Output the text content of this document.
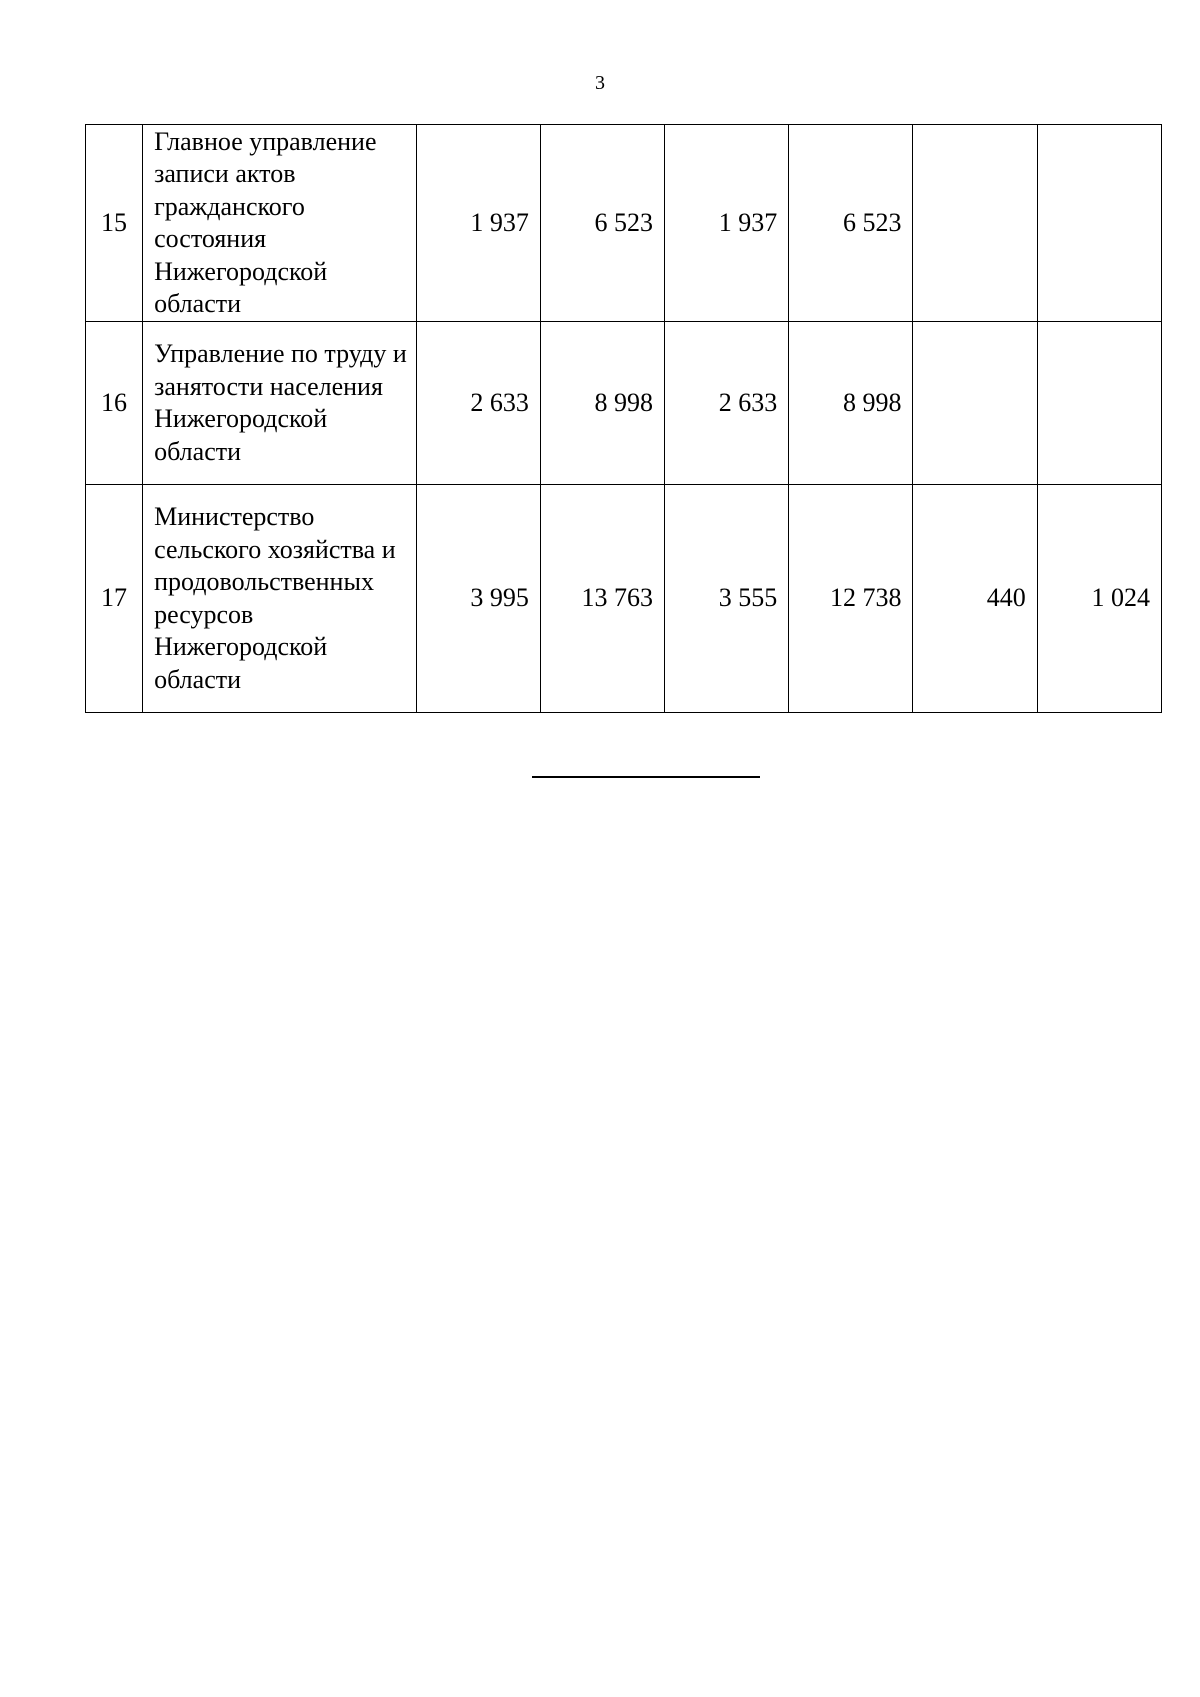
3
15	Главное управление записи актов гражданского состояния Нижегородской области	1 937	6 523	1 937	6 523		
16	Управление по труду и занятости населения Нижегородской области	2 633	8 998	2 633	8 998		
17	Министерство сельского хозяйства и продовольственных ресурсов Нижегородской области	3 995	13 763	3 555	12 738	440	1 024
